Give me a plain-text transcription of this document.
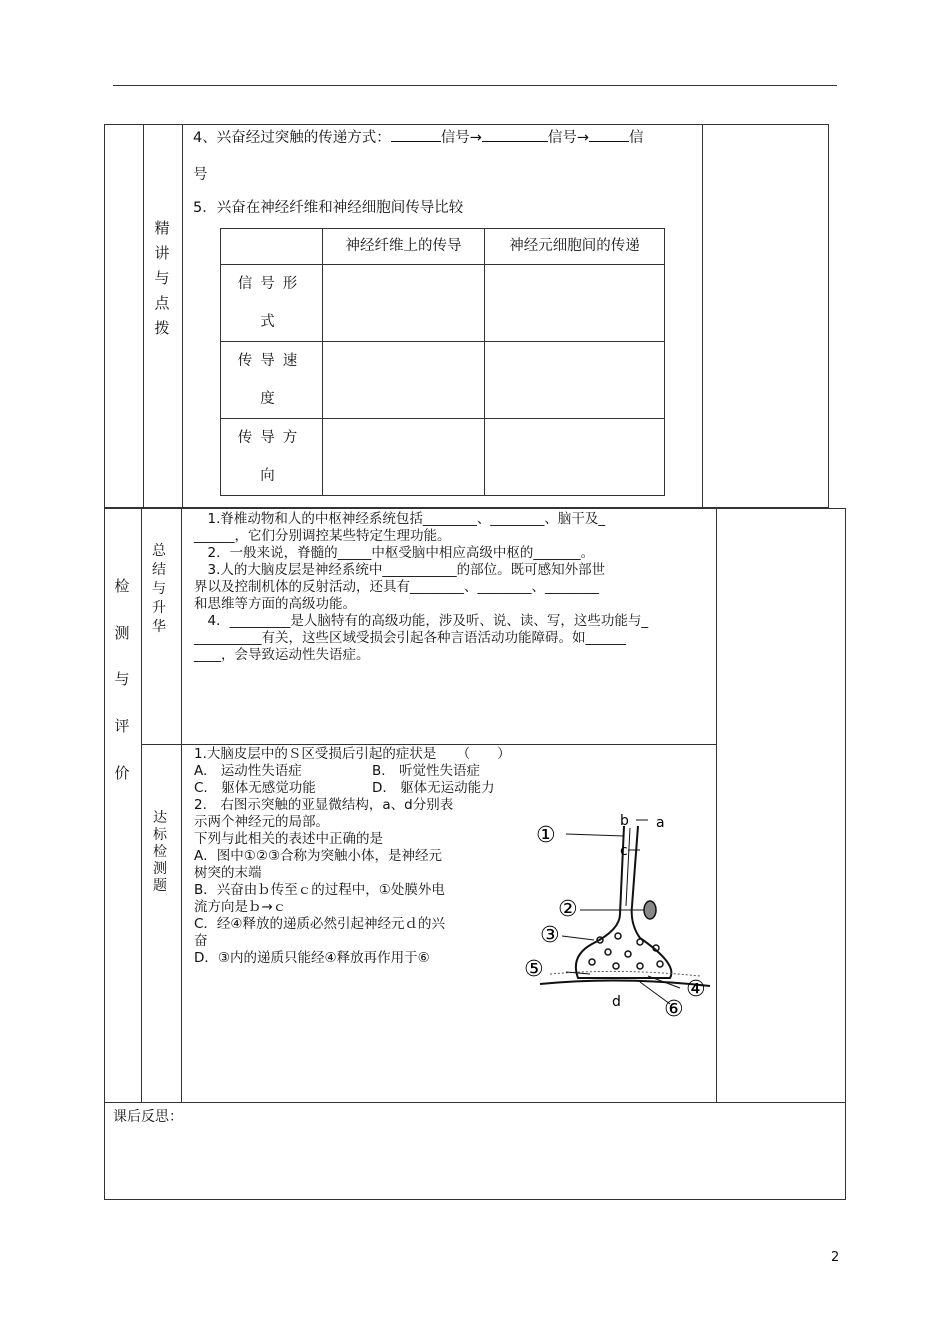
精讲与点拨
4、兴奋经过突触的传递方式：	信号→	信号→	信
号
5．兴奋在神经纤维和神经细胞间传导比较
	神经纤维上的传导	神经元细胞间的传递

信号形
式		

传导速
度		

传导方
向		

检
测
与
评
价
总结与升华
　1.脊椎动物和人的中枢神经系统包括________、________、脑干及_
______，它们分别调控某些特定生理功能。
　2．一般来说，脊髓的_____中枢受脑中相应高级中枢的_______。
　3.人的大脑皮层是神经系统中___________的部位。既可感知外部世
界以及控制机体的反射活动，还具有________、________、________
和思维等方面的高级功能。
　4．_________是人脑特有的高级功能，涉及听、说、读、写，这些功能与_
__________有关，这些区域受损会引起各种言语活动功能障碍。如______
____，会导致运动性失语症。
达标检测题
1.大脑皮层中的Ｓ区受损后引起的症状是　　（　　）
A.　运动性失语症	B.　听觉性失语症
C.　躯体无感觉功能	D.　躯体无运动能力
2.　右图示突触的亚显微结构，a、d分别表
示两个神经元的局部。
下列与此相关的表述中正确的是
A．图中①②③合称为突触小体，是神经元
树突的末端
B．兴奋由ｂ传至ｃ的过程中，①处膜外电
流方向是ｂ→ｃ
C．经④释放的递质必然引起神经元ｄ的兴
奋
D．③内的递质只能经④释放再作用于⑥
①
b a
c
②
③
⑤
④
d ⑥
课后反思：
2
